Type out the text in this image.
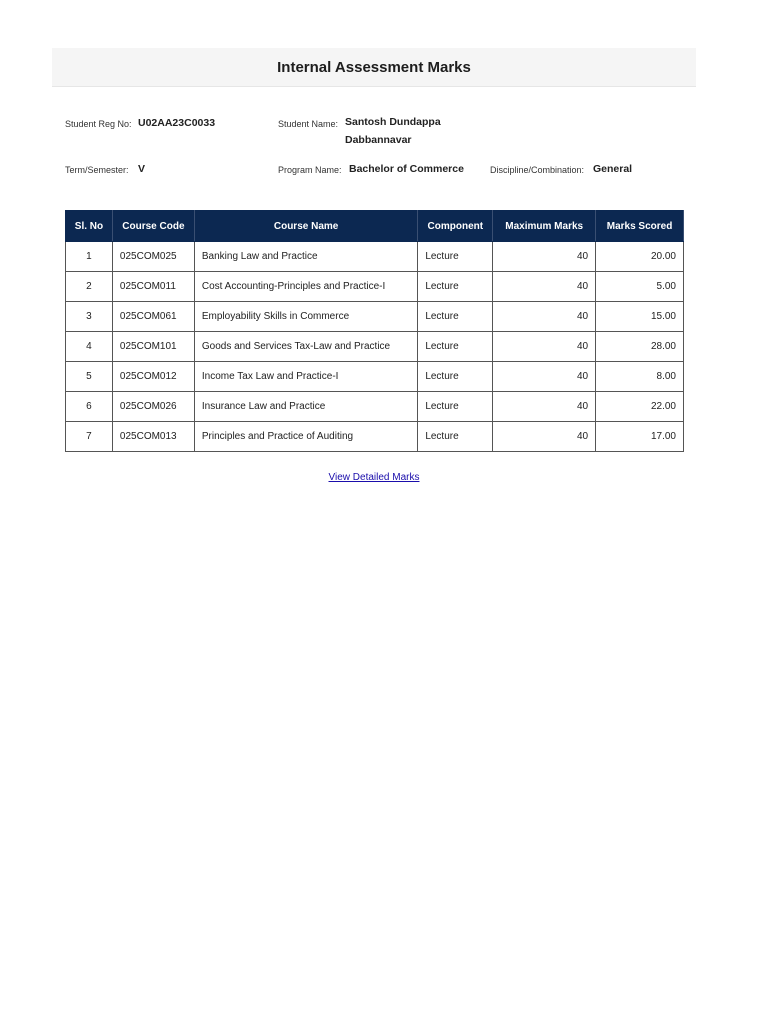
Internal Assessment Marks
Student Reg No: U02AA23C0033	Student Name: Santosh Dundappa Dabbannavar
Term/Semester: V	Program Name: Bachelor of Commerce	Discipline/Combination: General
Sl. No	Course Code	Course Name	Component	Maximum Marks	Marks Scored
1	025COM025	Banking Law and Practice	Lecture	40	20.00
2	025COM011	Cost Accounting-Principles and Practice-I	Lecture	40	5.00
3	025COM061	Employability Skills in Commerce	Lecture	40	15.00
4	025COM101	Goods and Services Tax-Law and Practice	Lecture	40	28.00
5	025COM012	Income Tax Law and Practice-I	Lecture	40	8.00
6	025COM026	Insurance Law and Practice	Lecture	40	22.00
7	025COM013	Principles and Practice of Auditing	Lecture	40	17.00
View Detailed Marks
